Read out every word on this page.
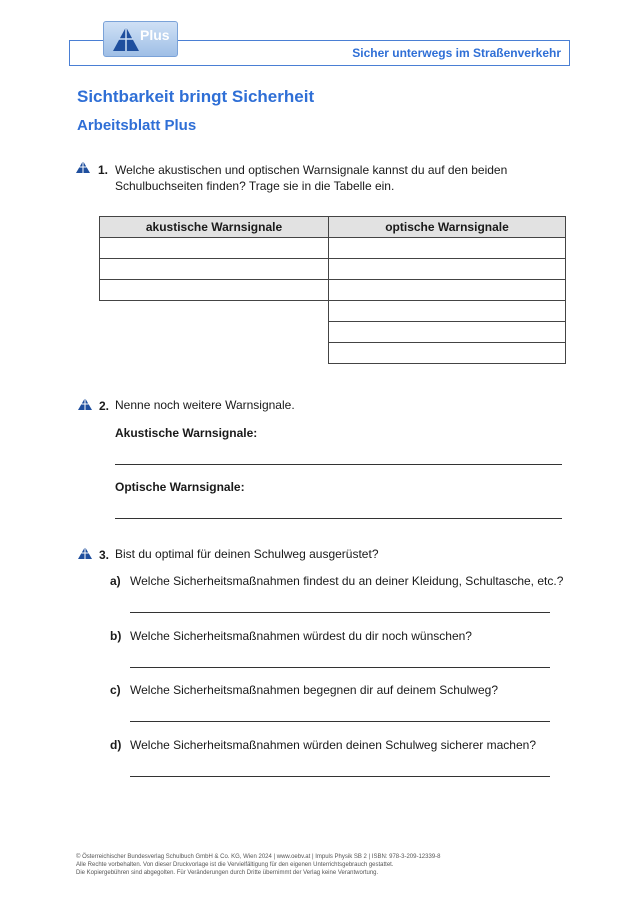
Sicher unterwegs im Straßenverkehr
Plus
Sichtbarkeit bringt Sicherheit
Arbeitsblatt Plus
1. Welche akustischen und optischen Warnsignale kannst du auf den beiden
Schulbuchseiten finden? Trage sie in die Tabelle ein.
akustische Warnsignale	optische Warnsignale

2. Nenne noch weitere Warnsignale.
Akustische Warnsignale:
Optische Warnsignale:
3. Bist du optimal für deinen Schulweg ausgerüstet?
a) Welche Sicherheitsmaßnahmen findest du an deiner Kleidung, Schultasche, etc.?
b) Welche Sicherheitsmaßnahmen würdest du dir noch wünschen?
c) Welche Sicherheitsmaßnahmen begegnen dir auf deinem Schulweg?
d) Welche Sicherheitsmaßnahmen würden deinen Schulweg sicherer machen?
© Österreichischer Bundesverlag Schulbuch GmbH & Co. KG, Wien 2024 | www.oebv.at | Impuls Physik SB 2 | ISBN: 978-3-209-12339-8
Alle Rechte vorbehalten. Von dieser Druckvorlage ist die Vervielfältigung für den eigenen Unterrichtsgebrauch gestattet.
Die Kopiergebühren sind abgegolten. Für Veränderungen durch Dritte übernimmt der Verlag keine Verantwortung.
